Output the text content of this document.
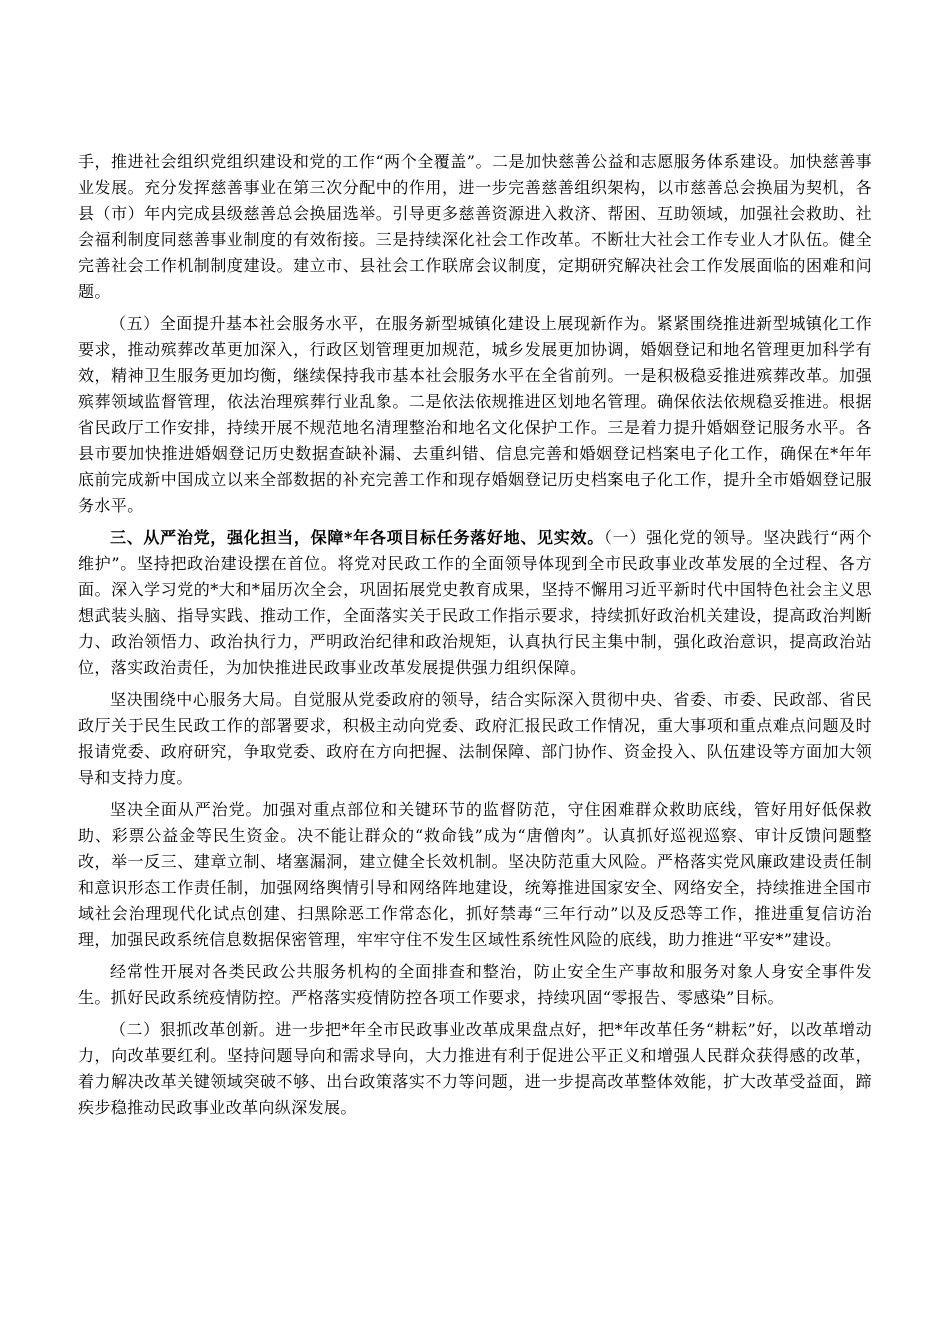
手，推进社会组织党组织建设和党的工作“两个全覆盖”。二是加快慈善公益和志愿服务体系建设。加快慈善事业发展。充分发挥慈善事业在第三次分配中的作用，进一步完善慈善组织架构，以市慈善总会换届为契机，各县（市）年内完成县级慈善总会换届选举。引导更多慈善资源进入救济、帮困、互助领域，加强社会救助、社会福利制度同慈善事业制度的有效衔接。三是持续深化社会工作改革。不断壮大社会工作专业人才队伍。健全完善社会工作机制制度建设。建立市、县社会工作联席会议制度，定期研究解决社会工作发展面临的困难和问题。

（五）全面提升基本社会服务水平，在服务新型城镇化建设上展现新作为。紧紧围绕推进新型城镇化工作要求，推动殡葬改革更加深入，行政区划管理更加规范，城乡发展更加协调，婚姻登记和地名管理更加科学有效，精神卫生服务更加均衡，继续保持我市基本社会服务水平在全省前列。一是积极稳妥推进殡葬改革。加强殡葬领域监督管理，依法治理殡葬行业乱象。二是依法依规推进区划地名管理。确保依法依规稳妥推进。根据省民政厅工作安排，持续开展不规范地名清理整治和地名文化保护工作。三是着力提升婚姻登记服务水平。各县市要加快推进婚姻登记历史数据查缺补漏、去重纠错、信息完善和婚姻登记档案电子化工作，确保在*年年底前完成新中国成立以来全部数据的补充完善工作和现存婚姻登记历史档案电子化工作，提升全市婚姻登记服务水平。

三、从严治党，强化担当，保障*年各项目标任务落好地、见实效。（一）强化党的领导。坚决践行“两个维护”。坚持把政治建设摆在首位。将党对民政工作的全面领导体现到全市民政事业改革发展的全过程、各方面。深入学习党的*大和*届历次全会，巩固拓展党史教育成果，坚持不懈用习近平新时代中国特色社会主义思想武装头脑、指导实践、推动工作，全面落实关于民政工作指示要求，持续抓好政治机关建设，提高政治判断力、政治领悟力、政治执行力，严明政治纪律和政治规矩，认真执行民主集中制，强化政治意识，提高政治站位，落实政治责任，为加快推进民政事业改革发展提供强力组织保障。

坚决围绕中心服务大局。自觉服从党委政府的领导，结合实际深入贯彻中央、省委、市委、民政部、省民政厅关于民生民政工作的部署要求，积极主动向党委、政府汇报民政工作情况，重大事项和重点难点问题及时报请党委、政府研究，争取党委、政府在方向把握、法制保障、部门协作、资金投入、队伍建设等方面加大领导和支持力度。

坚决全面从严治党。加强对重点部位和关键环节的监督防范，守住困难群众救助底线，管好用好低保救助、彩票公益金等民生资金。决不能让群众的“救命钱”成为“唐僧肉”。认真抓好巡视巡察、审计反馈问题整改，举一反三、建章立制、堵塞漏洞，建立健全长效机制。坚决防范重大风险。严格落实党风廉政建设责任制和意识形态工作责任制，加强网络舆情引导和网络阵地建设，统筹推进国家安全、网络安全，持续推进全国市域社会治理现代化试点创建、扫黑除恶工作常态化，抓好禁毒“三年行动”以及反恐等工作，推进重复信访治理，加强民政系统信息数据保密管理，牢牢守住不发生区域性系统性风险的底线，助力推进“平安*”建设。

经常性开展对各类民政公共服务机构的全面排查和整治，防止安全生产事故和服务对象人身安全事件发生。抓好民政系统疫情防控。严格落实疫情防控各项工作要求，持续巩固“零报告、零感染”目标。

（二）狠抓改革创新。进一步把*年全市民政事业改革成果盘点好，把*年改革任务“耕耘”好，以改革增动力，向改革要红利。坚持问题导向和需求导向，大力推进有利于促进公平正义和增强人民群众获得感的改革，着力解决改革关键领域突破不够、出台政策落实不力等问题，进一步提高改革整体效能，扩大改革受益面，蹄疾步稳推动民政事业改革向纵深发展。
